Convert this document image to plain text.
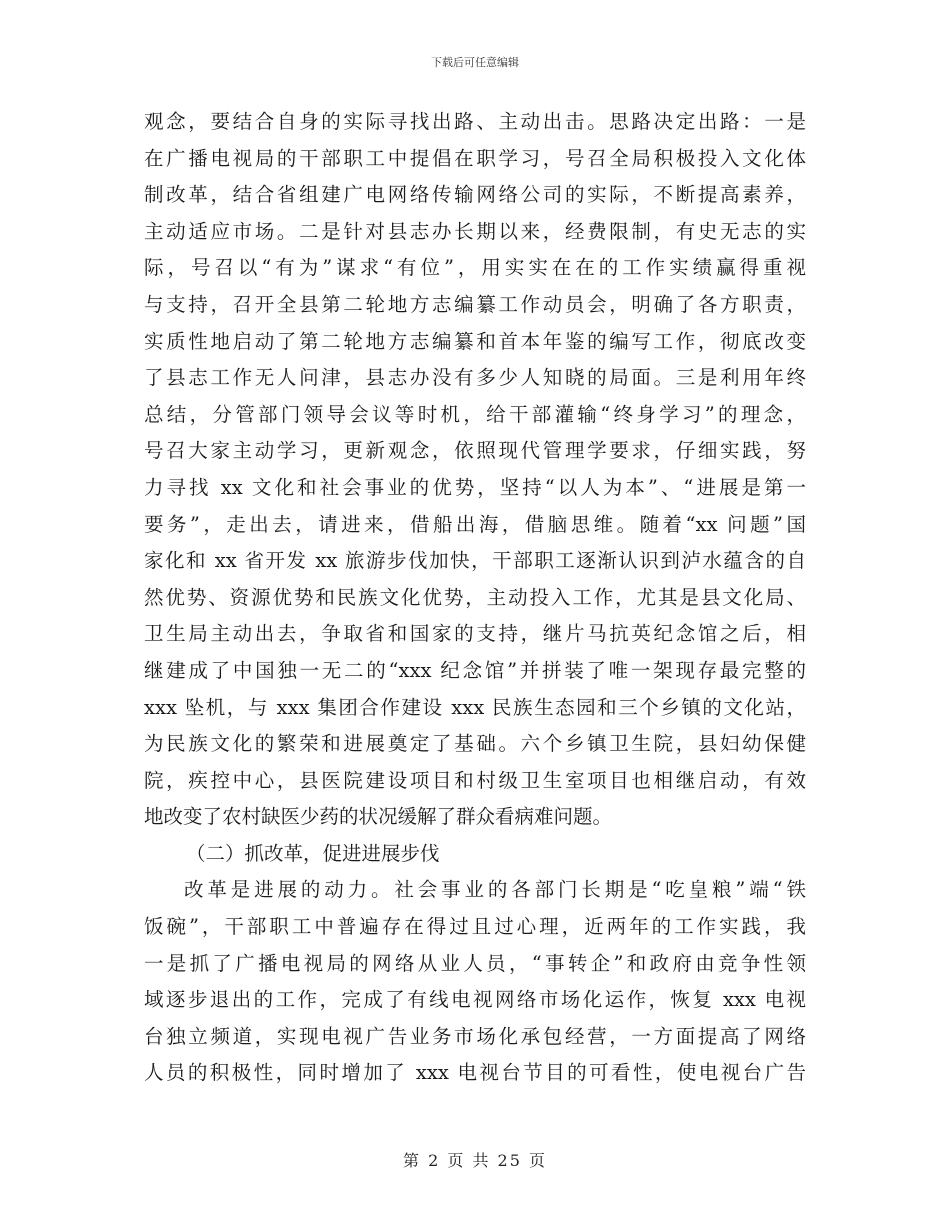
下载后可任意编辑
观念，要结合自身的实际寻找出路、主动出击。思路决定出路：一是
在广播电视局的干部职工中提倡在职学习，号召全局积极投入文化体
制改革，结合省组建广电网络传输网络公司的实际，不断提高素养，
主动适应市场。二是针对县志办长期以来，经费限制，有史无志的实
际，号召以“有为”谋求“有位”，用实实在在的工作实绩赢得重视
与支持，召开全县第二轮地方志编纂工作动员会，明确了各方职责，
实质性地启动了第二轮地方志编纂和首本年鉴的编写工作，彻底改变
了县志工作无人问津，县志办没有多少人知晓的局面。三是利用年终
总结，分管部门领导会议等时机，给干部灌输“终身学习”的理念，
号召大家主动学习，更新观念，依照现代管理学要求，仔细实践，努
力寻找 xx 文化和社会事业的优势，坚持“以人为本”、“进展是第一
要务”，走出去，请进来，借船出海，借脑思维。随着“xx 问题”国
家化和 xx 省开发 xx 旅游步伐加快，干部职工逐渐认识到泸水蕴含的自
然优势、资源优势和民族文化优势，主动投入工作，尤其是县文化局、
卫生局主动出去，争取省和国家的支持，继片马抗英纪念馆之后，相
继建成了中国独一无二的“xxx 纪念馆”并拼装了唯一架现存最完整的
xxx 坠机，与 xxx 集团合作建设 xxx 民族生态园和三个乡镇的文化站，
为民族文化的繁荣和进展奠定了基础。六个乡镇卫生院，县妇幼保健
院，疾控中心，县医院建设项目和村级卫生室项目也相继启动，有效
地改变了农村缺医少药的状况缓解了群众看病难问题。
（二）抓改革，促进进展步伐
改革是进展的动力。社会事业的各部门长期是“吃皇粮”端“铁
饭碗”，干部职工中普遍存在得过且过心理，近两年的工作实践，我
一是抓了广播电视局的网络从业人员，“事转企”和政府由竞争性领
域逐步退出的工作，完成了有线电视网络市场化运作，恢复 xxx 电视
台独立频道，实现电视广告业务市场化承包经营，一方面提高了网络
人员的积极性，同时增加了 xxx 电视台节目的可看性，使电视台广告
第 2 页 共 25 页
